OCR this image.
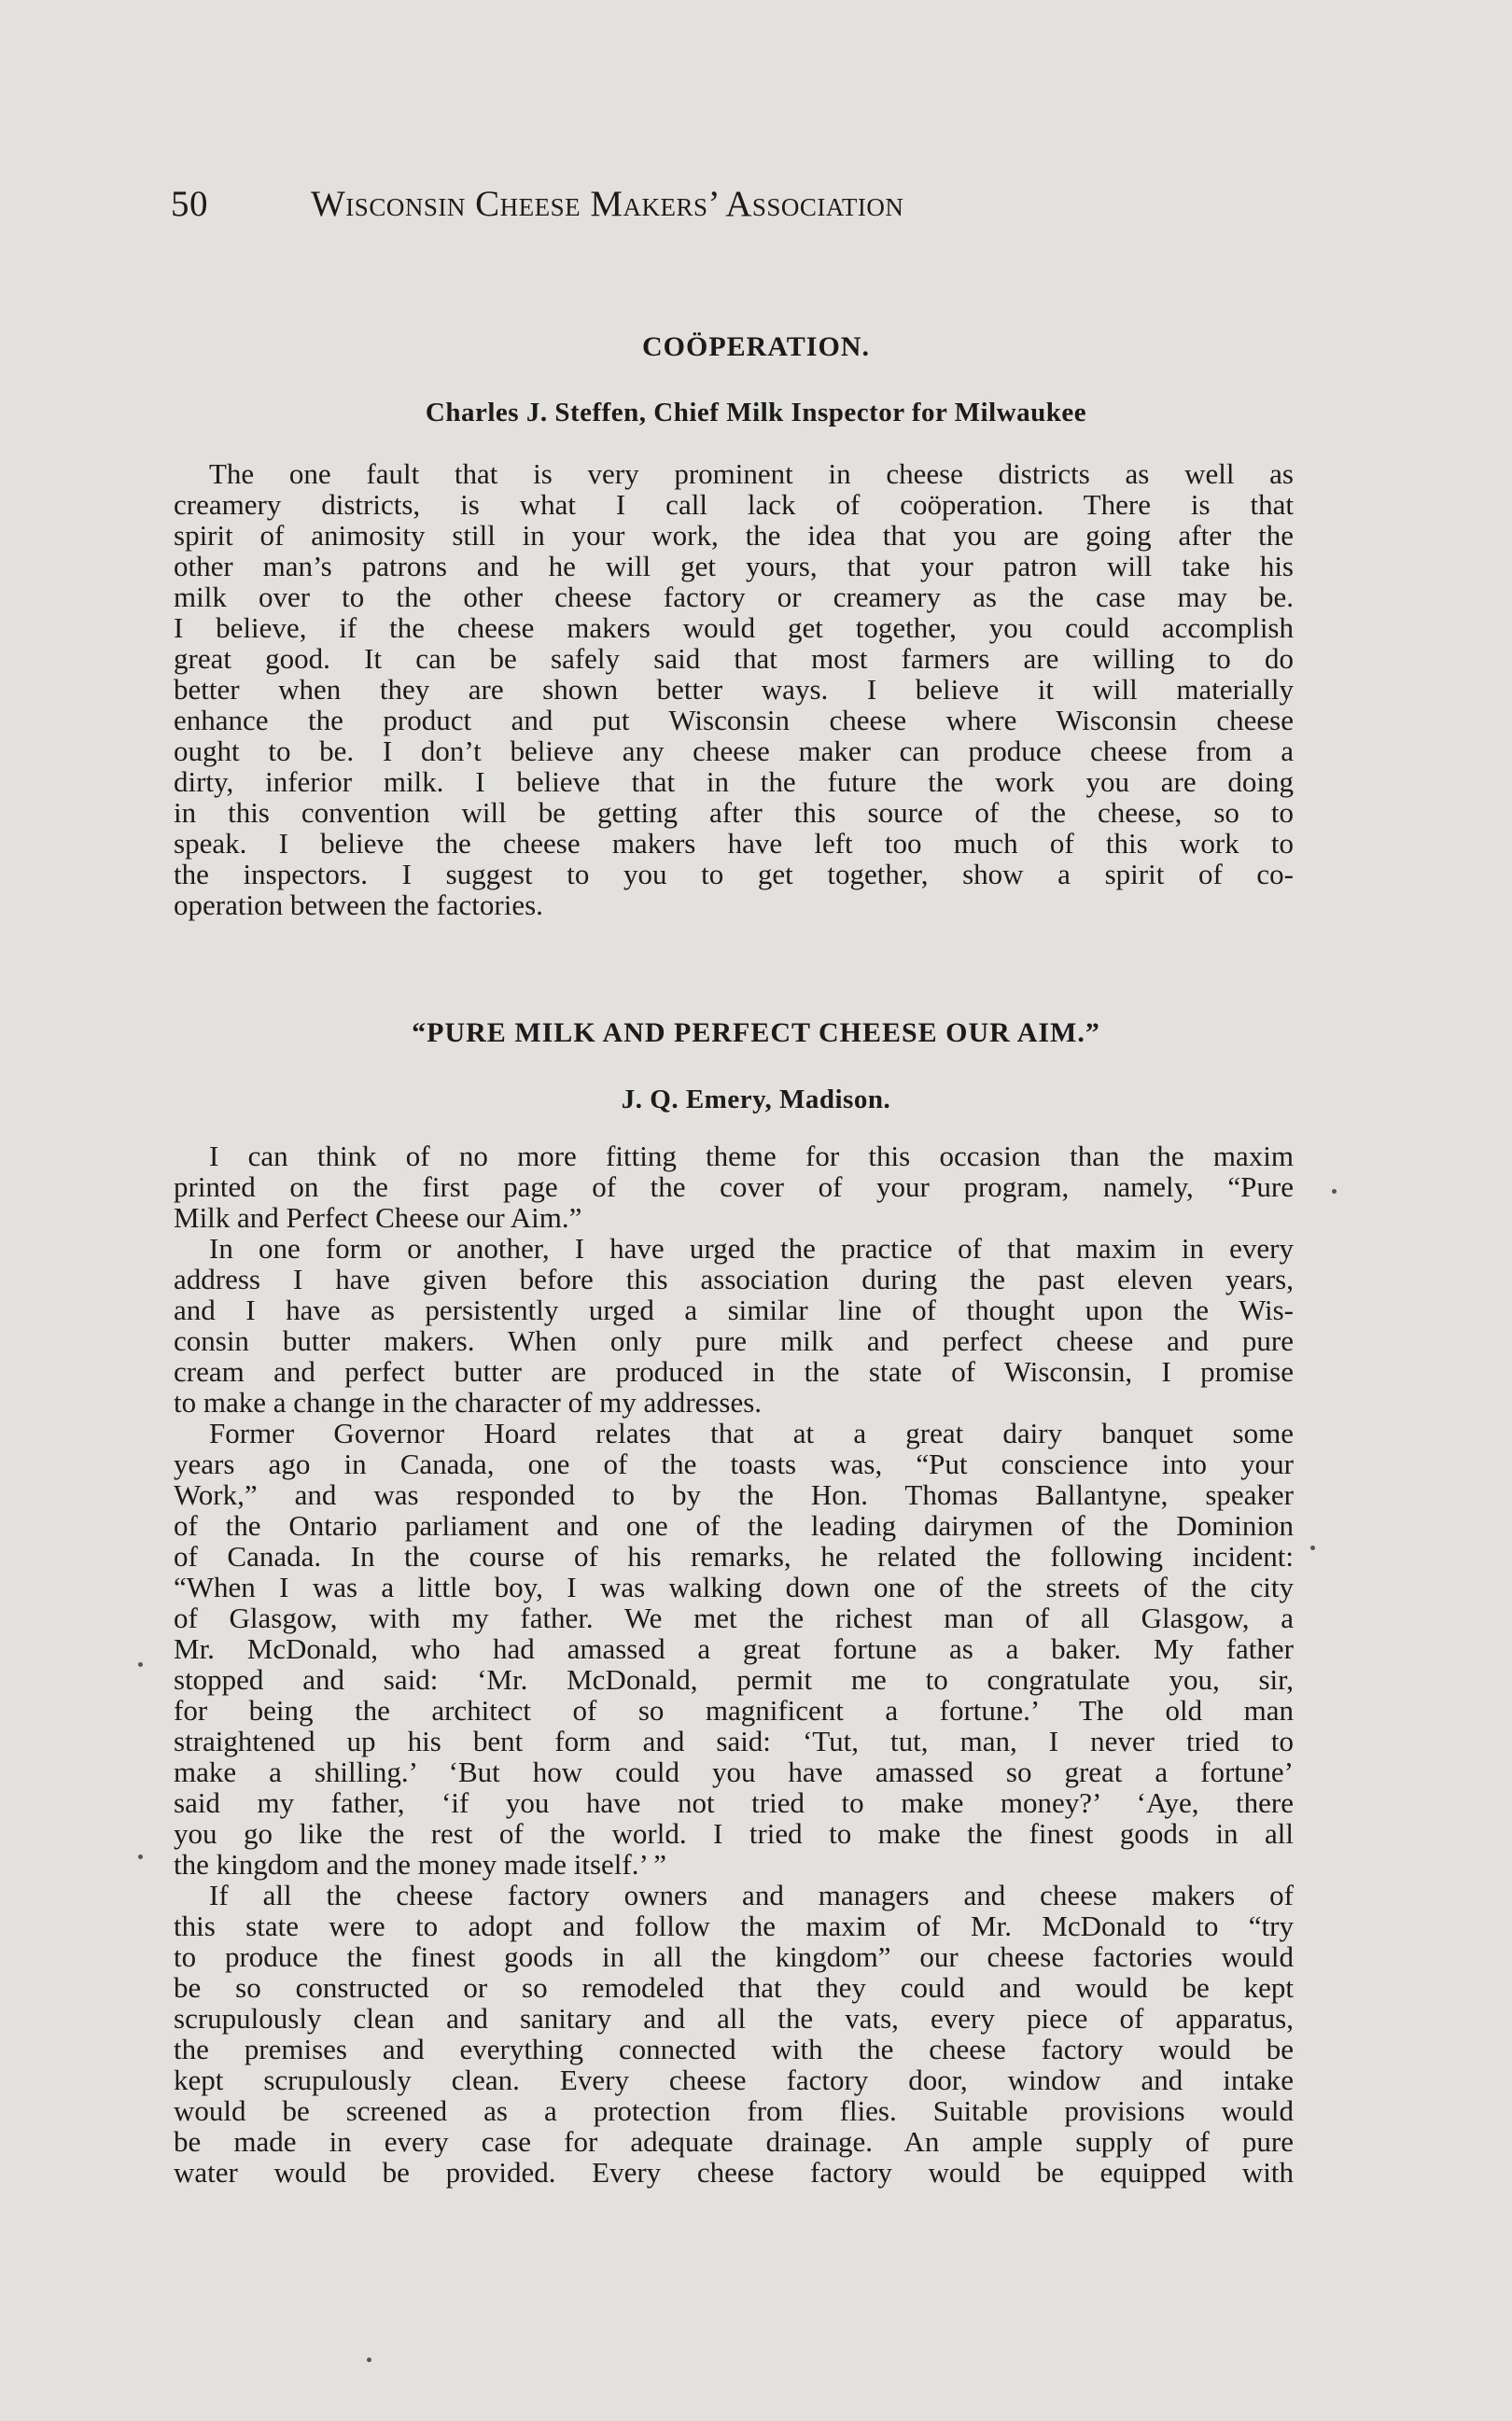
50	Wisconsin Cheese Makers’ Association
COÖPERATION.
Charles J. Steffen, Chief Milk Inspector for Milwaukee
The one fault that is very prominent in cheese districts as well as
creamery districts, is what I call lack of coöperation. There is that
spirit of animosity still in your work, the idea that you are going after the
other man’s patrons and he will get yours, that your patron will take his
milk over to the other cheese factory or creamery as the case may be.
I believe, if the cheese makers would get together, you could accomplish
great good. It can be safely said that most farmers are willing to do
better when they are shown better ways. I believe it will materially
enhance the product and put Wisconsin cheese where Wisconsin cheese
ought to be. I don’t believe any cheese maker can produce cheese from a
dirty, inferior milk. I believe that in the future the work you are doing
in this convention will be getting after this source of the cheese, so to
speak. I believe the cheese makers have left too much of this work to
the inspectors. I suggest to you to get together, show a spirit of co-
operation between the factories.
“PURE MILK AND PERFECT CHEESE OUR AIM.”
J. Q. Emery, Madison.
I can think of no more fitting theme for this occasion than the maxim
printed on the first page of the cover of your program, namely, “Pure
Milk and Perfect Cheese our Aim.”
In one form or another, I have urged the practice of that maxim in every
address I have given before this association during the past eleven years,
and I have as persistently urged a similar line of thought upon the Wis-
consin butter makers. When only pure milk and perfect cheese and pure
cream and perfect butter are produced in the state of Wisconsin, I promise
to make a change in the character of my addresses.
Former Governor Hoard relates that at a great dairy banquet some
years ago in Canada, one of the toasts was, “Put conscience into your
Work,” and was responded to by the Hon. Thomas Ballantyne, speaker
of the Ontario parliament and one of the leading dairymen of the Dominion
of Canada. In the course of his remarks, he related the following incident:
“When I was a little boy, I was walking down one of the streets of the city
of Glasgow, with my father. We met the richest man of all Glasgow, a
Mr. McDonald, who had amassed a great fortune as a baker. My father
stopped and said: ‘Mr. McDonald, permit me to congratulate you, sir,
for being the architect of so magnificent a fortune.’ The old man
straightened up his bent form and said: ‘Tut, tut, man, I never tried to
make a shilling.’ ‘But how could you have amassed so great a fortune’
said my father, ‘if you have not tried to make money?’ ‘Aye, there
you go like the rest of the world. I tried to make the finest goods in all
the kingdom and the money made itself.’ ”
If all the cheese factory owners and managers and cheese makers of
this state were to adopt and follow the maxim of Mr. McDonald to “try
to produce the finest goods in all the kingdom” our cheese factories would
be so constructed or so remodeled that they could and would be kept
scrupulously clean and sanitary and all the vats, every piece of apparatus,
the premises and everything connected with the cheese factory would be
kept scrupulously clean. Every cheese factory door, window and intake
would be screened as a protection from flies. Suitable provisions would
be made in every case for adequate drainage. An ample supply of pure
water would be provided. Every cheese factory would be equipped with
